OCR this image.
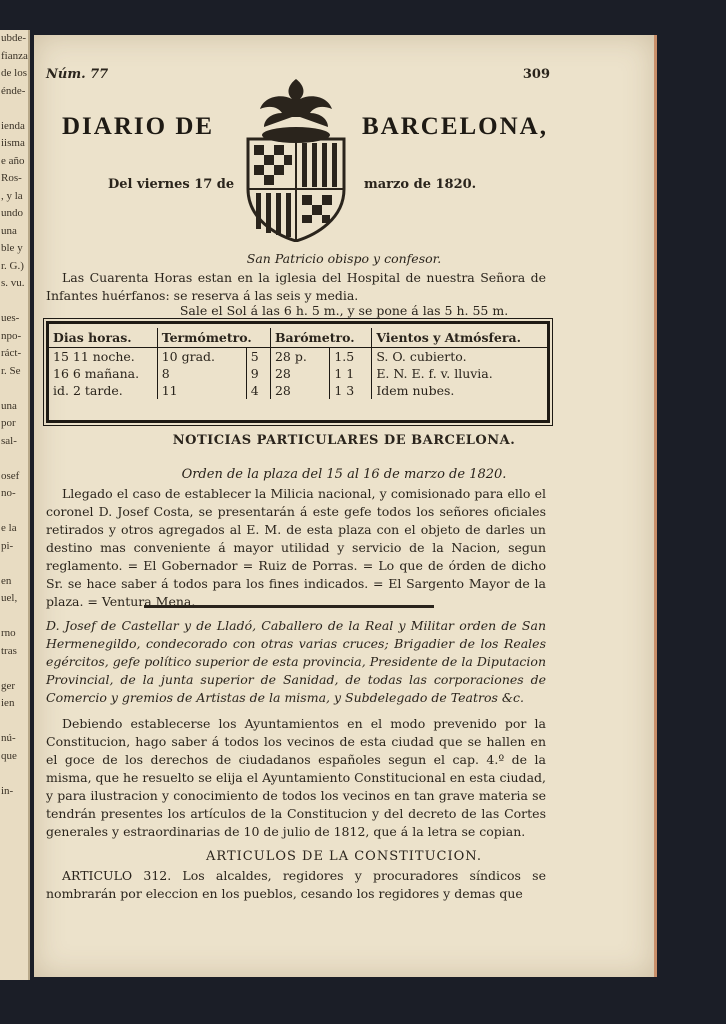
ubde-

fianza

de los

énde-

ienda

iisma

e año

Ros-

, y la

undo

una

ble y

r. G.)

s. vu.

ues-

npo-

ráct-

r. Se

una

por

sal-

osef

no-

e la

pi-

en

uel,

rno

tras

ger

ien

nú-

que

in-

Núm. 77	309
DIARIO DE	BARCELONA,
Del viernes 17 de	marzo de 1820.
San Patricio obispo y confesor.

Las Cuarenta Horas estan en la iglesia del Hospital de nuestra Señora de Infantes huérfanos: se reserva á las seis y media.

Sale el Sol á las 6 h. 5 m., y se pone á las 5 h. 55 m.
Dias horas.	Termómetro.		Barómetro.		Vientos y Atmósfera.
15 11 noche.	10 grad.	5	28 p.	1.5	S. O. cubierto.
16 6 mañana.	8	9	28	1 1	E. N. E. f. v. lluvia.
id. 2 tarde.	11	4	28	1 3	Idem nubes.
NOTICIAS PARTICULARES DE BARCELONA.
Orden de la plaza del 15 al 16 de marzo de 1820.

Llegado el caso de establecer la Milicia nacional, y comisionado para ello el coronel D. Josef Costa, se presentarán á este gefe todos los señores oficiales retirados y otros agregados al E. M. de esta plaza con el objeto de darles un destino mas conveniente á mayor utilidad y servicio de la Nacion, segun reglamento. = El Gobernador = Ruiz de Porras. = Lo que de órden de dicho Sr. se hace saber á todos para los fines indicados. = El Sargento Mayor de la plaza. = Ventura Mena.

D. Josef de Castellar y de Lladó, Caballero de la Real y Militar orden de San Hermenegildo, condecorado con otras varias cruces; Brigadier de los Reales egércitos, gefe político superior de esta provincia, Presidente de la Diputacion Provincial, de la junta superior de Sanidad, de todas las corporaciones de Comercio y gremios de Artistas de la misma, y Subdelegado de Teatros &c.

Debiendo establecerse los Ayuntamientos en el modo prevenido por la Constitucion, hago saber á todos los vecinos de esta ciudad que se hallen en el goce de los derechos de ciudadanos españoles segun el cap. 4.º de la misma, que he resuelto se elija el Ayuntamiento Constitucional en esta ciudad, y para ilustracion y conocimiento de todos los vecinos en tan grave materia se tendrán presentes los artículos de la Constitucion y del decreto de las Cortes generales y estraordinarias de 10 de julio de 1812, que á la letra se copian.

ARTICULOS DE LA CONSTITUCION.

ARTICULO 312. Los alcaldes, regidores y procuradores síndicos se nombrarán por eleccion en los pueblos, cesando los regidores y demas que
